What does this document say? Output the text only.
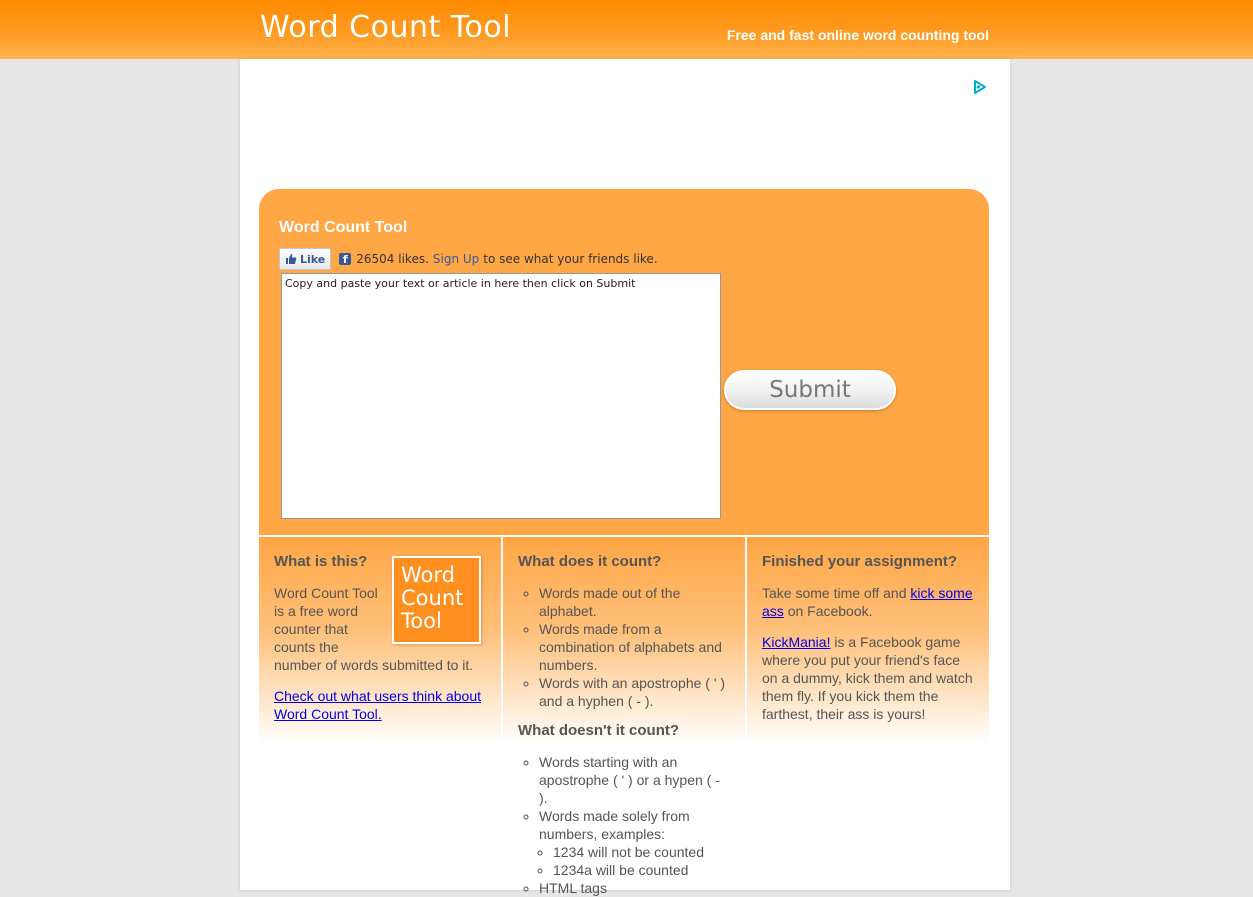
Word Count Tool	Free and fast online word counting tool
Word Count Tool
Like	f 26504 likes. Sign Up to see what your friends like.
Copy and paste your text or article in here then click on Submit
Submit
What is this?
Word
Count
Tool

Word Count Tool is a free word counter that counts the
number of words submitted to it.

Check out what users think about Word Count Tool.

What does it count?
◦ Words made out of the alphabet.
◦ Words made from a combination of alphabets and numbers.
◦ Words with an apostrophe ( ' ) and a hyphen ( - ).
What doesn't it count?
◦ Words starting with an apostrophe ( ' ) or a hypen ( - ).
◦ Words made solely from numbers, examples:
◦ 1234 will not be counted
◦ 1234a will be counted
◦ HTML tags
Finished your assignment?

Take some time off and kick some ass on Facebook.

KickMania! is a Facebook game where you put your friend's face on a dummy, kick them and watch them fly. If you kick them the farthest, their ass is yours!
